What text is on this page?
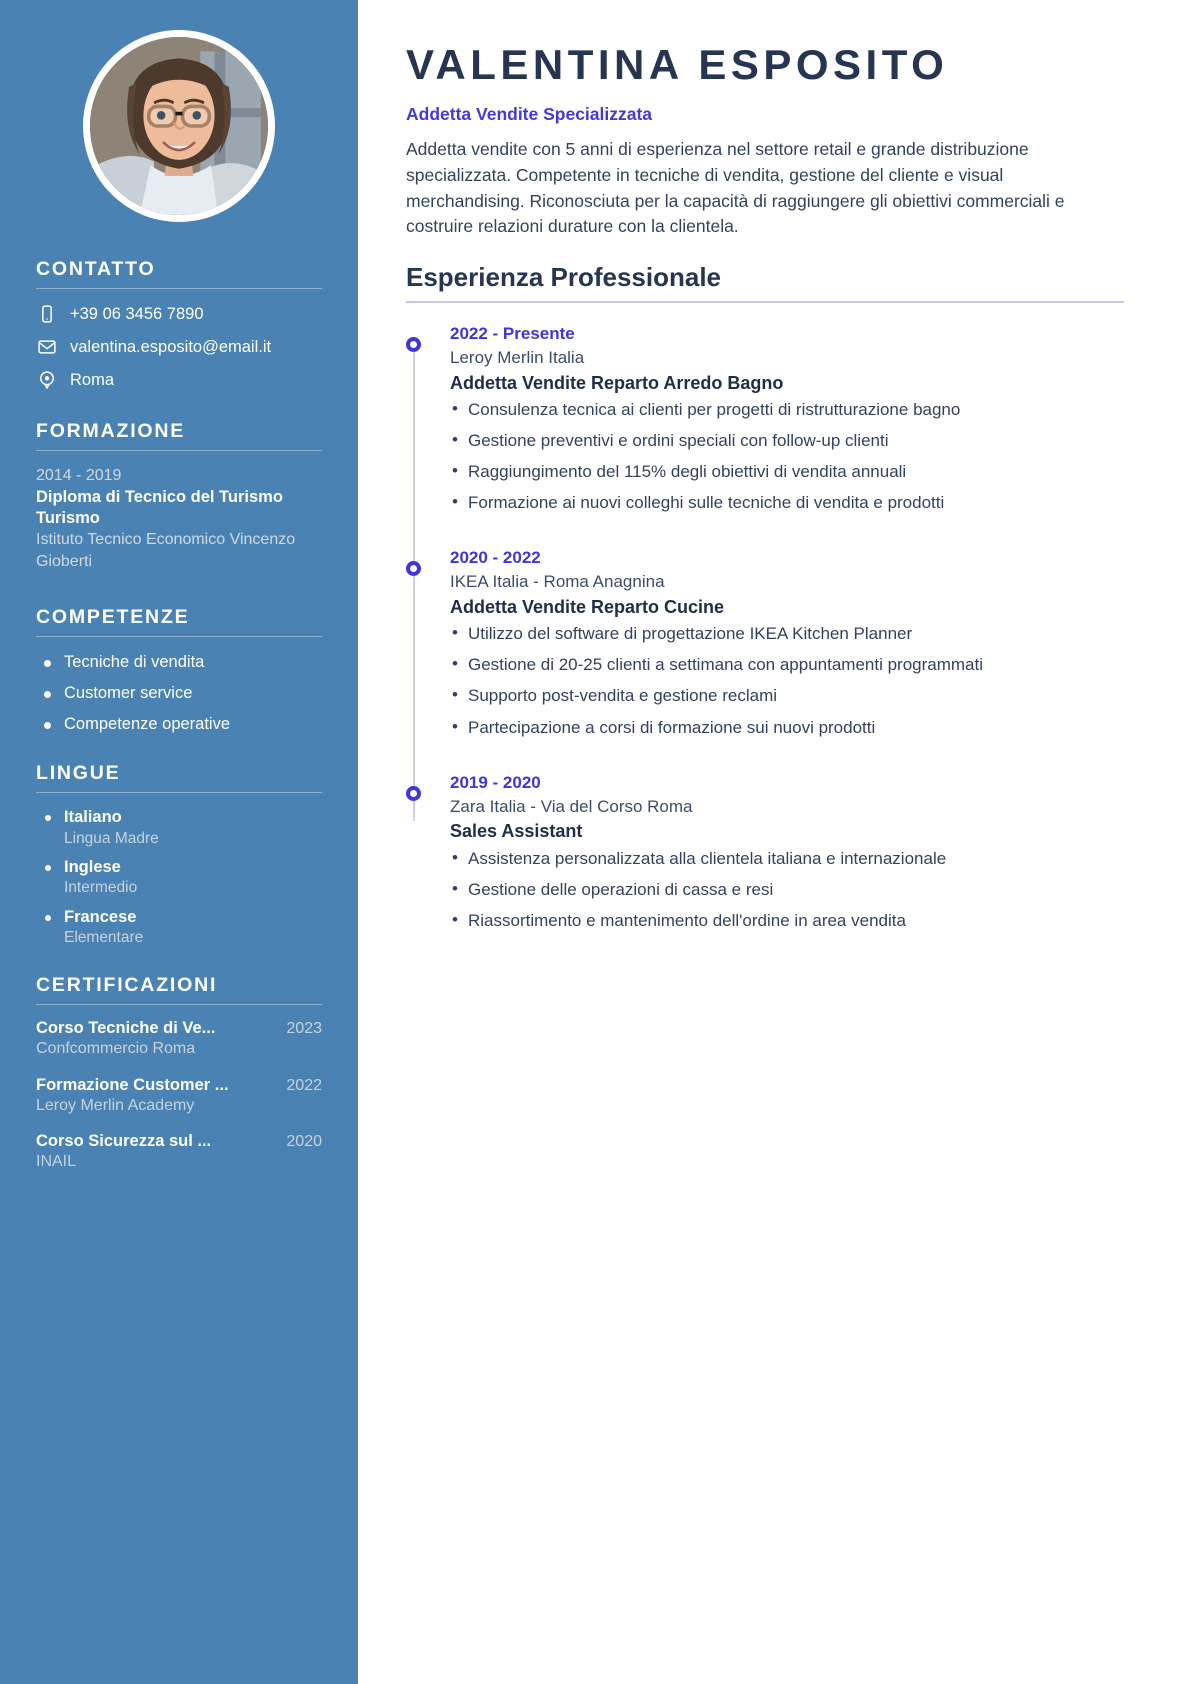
CONTATTO
+39 06 3456 7890
valentina.esposito@email.it
Roma
FORMAZIONE
2014 - 2019
Diploma di Tecnico del Turismo Turismo
Istituto Tecnico Economico Vincenzo Gioberti
COMPETENZE
Tecniche di vendita
Customer service
Competenze operative
LINGUE
Italiano
Lingua Madre
Inglese
Intermedio
Francese
Elementare
CERTIFICAZIONI
Corso Tecniche di Ve...	2023
Confcommercio Roma
Formazione Customer ...	2022
Leroy Merlin Academy
Corso Sicurezza sul ...	2020
INAIL
VALENTINA ESPOSITO
Addetta Vendite Specializzata

Addetta vendite con 5 anni di esperienza nel settore retail e grande distribuzione specializzata. Competente in tecniche di vendita, gestione del cliente e visual merchandising. Riconosciuta per la capacità di raggiungere gli obiettivi commerciali e costruire relazioni durature con la clientela.

Esperienza Professionale
2022 - Presente
Leroy Merlin Italia
Addetta Vendite Reparto Arredo Bagno
• Consulenza tecnica ai clienti per progetti di ristrutturazione bagno
• Gestione preventivi e ordini speciali con follow-up clienti
• Raggiungimento del 115% degli obiettivi di vendita annuali
• Formazione ai nuovi colleghi sulle tecniche di vendita e prodotti
2020 - 2022
IKEA Italia - Roma Anagnina
Addetta Vendite Reparto Cucine
• Utilizzo del software di progettazione IKEA Kitchen Planner
• Gestione di 20-25 clienti a settimana con appuntamenti programmati
• Supporto post-vendita e gestione reclami
• Partecipazione a corsi di formazione sui nuovi prodotti
2019 - 2020
Zara Italia - Via del Corso Roma
Sales Assistant
• Assistenza personalizzata alla clientela italiana e internazionale
• Gestione delle operazioni di cassa e resi
• Riassortimento e mantenimento dell'ordine in area vendita
